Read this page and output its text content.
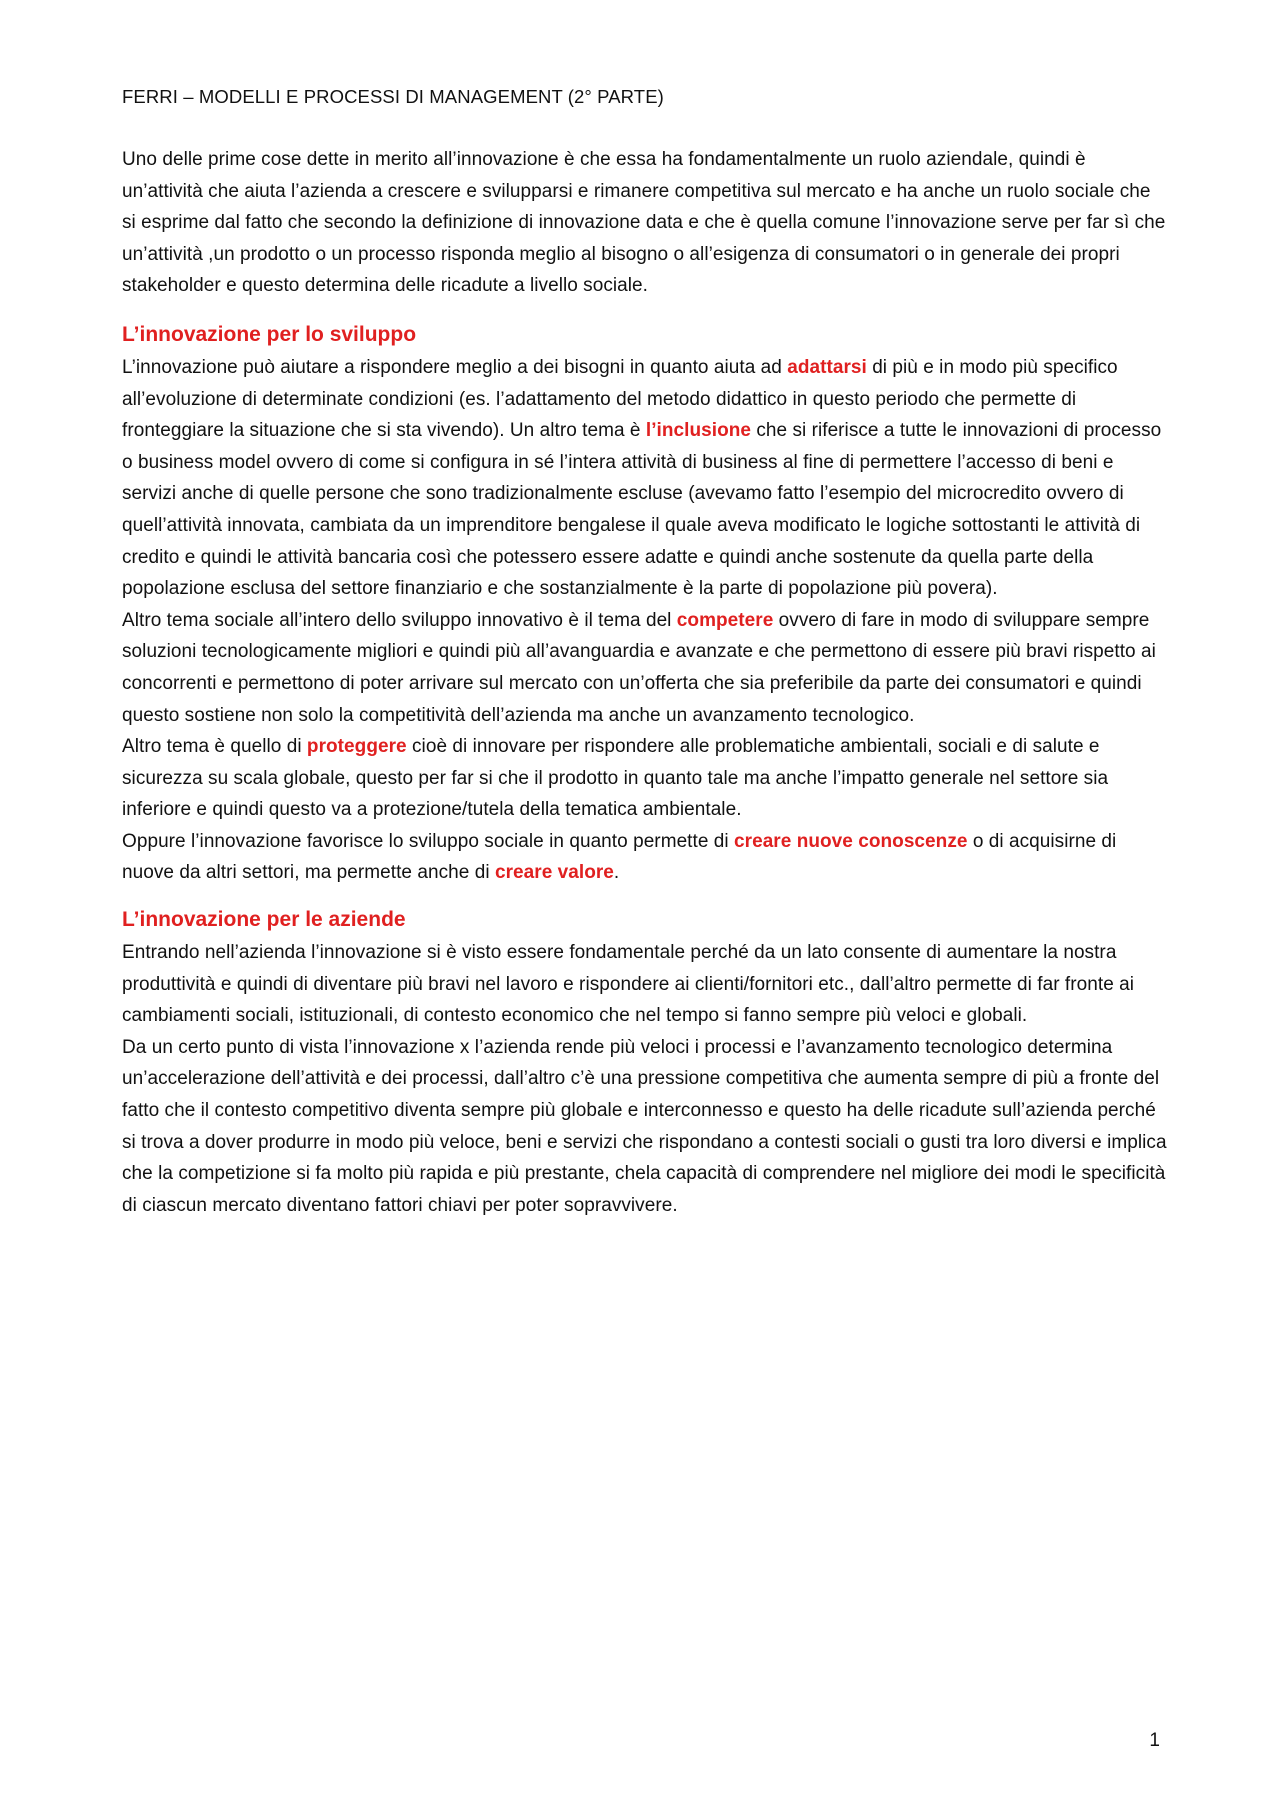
FERRI – MODELLI E PROCESSI DI MANAGEMENT (2° PARTE)

Uno delle prime cose dette in merito all’innovazione è che essa ha fondamentalmente un ruolo aziendale, quindi è un’attività che aiuta l’azienda a crescere e svilupparsi e rimanere competitiva sul mercato e ha anche un ruolo sociale che si esprime dal fatto che secondo la definizione di innovazione data e che è quella comune l’innovazione serve per far sì che un’attività ,un prodotto o un processo risponda meglio al bisogno o all’esigenza di consumatori o in generale dei propri stakeholder e questo determina delle ricadute a livello sociale.

L’innovazione per lo sviluppo

L’innovazione può aiutare a rispondere meglio a dei bisogni in quanto aiuta ad adattarsi di più e in modo più specifico all’evoluzione di determinate condizioni (es. l’adattamento del metodo didattico in questo periodo che permette di fronteggiare la situazione che si sta vivendo). Un altro tema è l’inclusione che si riferisce a tutte le innovazioni di processo o business model ovvero di come si configura in sé l’intera attività di business al fine di permettere l’accesso di beni e servizi anche di quelle persone che sono tradizionalmente escluse (avevamo fatto l’esempio del microcredito ovvero di quell’attività innovata, cambiata da un imprenditore bengalese il quale aveva modificato le logiche sottostanti le attività di credito e quindi le attività bancaria così che potessero essere adatte e quindi anche sostenute da quella parte della popolazione esclusa del settore finanziario e che sostanzialmente è la parte di popolazione più povera).

Altro tema sociale all’intero dello sviluppo innovativo è il tema del competere ovvero di fare in modo di sviluppare sempre soluzioni tecnologicamente migliori e quindi più all’avanguardia e avanzate e che permettono di essere più bravi rispetto ai concorrenti e permettono di poter arrivare sul mercato con un’offerta che sia preferibile da parte dei consumatori e quindi questo sostiene non solo la competitività dell’azienda ma anche un avanzamento tecnologico.

Altro tema è quello di proteggere cioè di innovare per rispondere alle problematiche ambientali, sociali e di salute e sicurezza su scala globale, questo per far si che il prodotto in quanto tale ma anche l’impatto generale nel settore sia inferiore e quindi questo va a protezione/tutela della tematica ambientale.

Oppure l’innovazione favorisce lo sviluppo sociale in quanto permette di creare nuove conoscenze o di acquisirne di nuove da altri settori, ma permette anche di creare valore.

L’innovazione per le aziende

Entrando nell’azienda l’innovazione si è visto essere fondamentale perché da un lato consente di aumentare la nostra produttività e quindi di diventare più bravi nel lavoro e rispondere ai clienti/fornitori etc., dall’altro permette di far fronte ai cambiamenti sociali, istituzionali, di contesto economico che nel tempo si fanno sempre più veloci e globali.

Da un certo punto di vista l’innovazione x l’azienda rende più veloci i processi e l’avanzamento tecnologico determina un’accelerazione dell’attività e dei processi, dall’altro c’è una pressione competitiva che aumenta sempre di più a fronte del fatto che il contesto competitivo diventa sempre più globale e interconnesso e questo ha delle ricadute sull’azienda perché si trova a dover produrre in modo più veloce, beni e servizi che rispondano a contesti sociali o gusti tra loro diversi e implica che la competizione si fa molto più rapida e più prestante, chela capacità di comprendere nel migliore dei modi le specificità di ciascun mercato diventano fattori chiavi per poter sopravvivere.

1
